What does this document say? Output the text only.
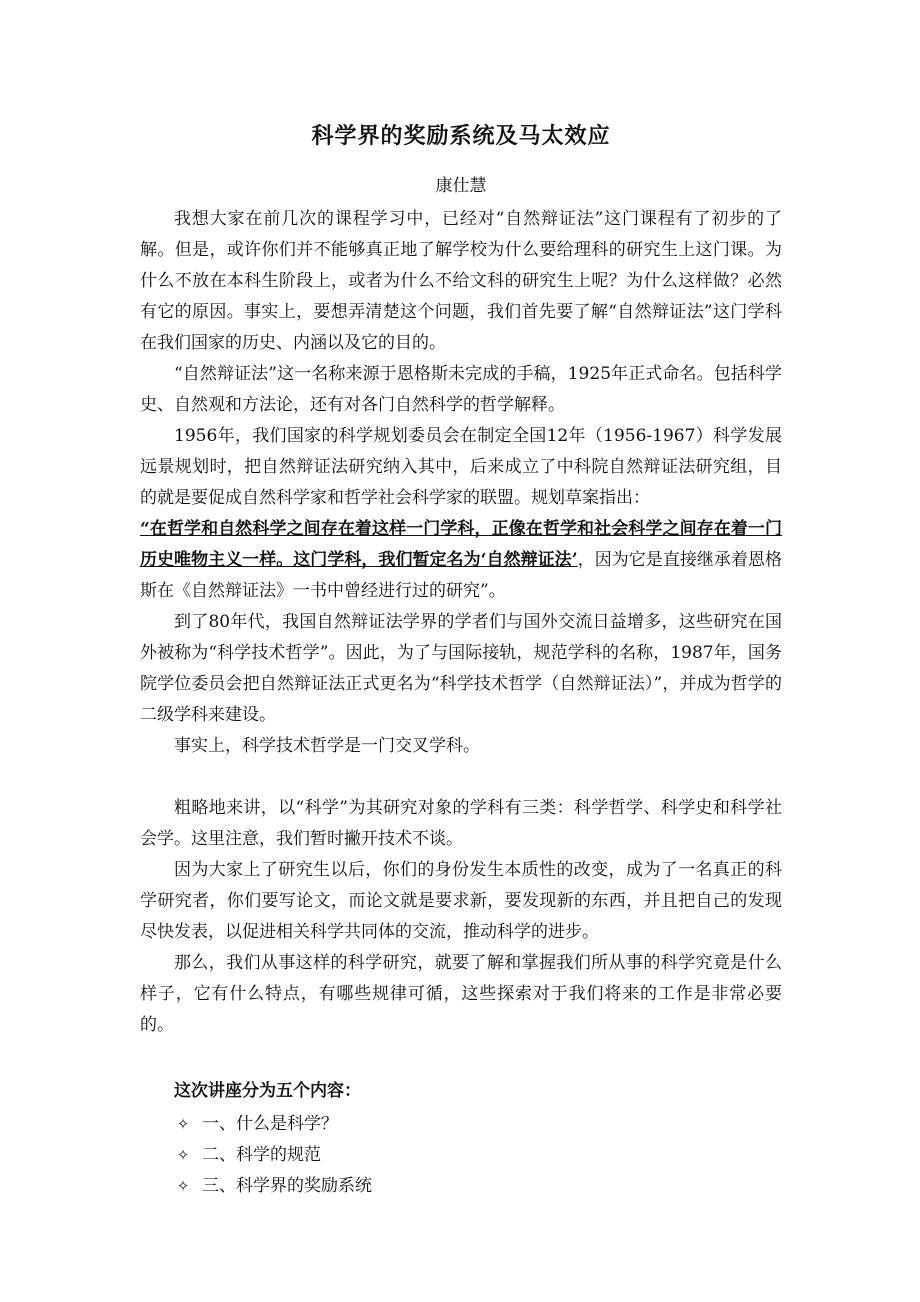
科学界的奖励系统及马太效应
康仕慧

我想大家在前几次的课程学习中，已经对“自然辩证法”这门课程有了初步的了解。但是，或许你们并不能够真正地了解学校为什么要给理科的研究生上这门课。为什么不放在本科生阶段上，或者为什么不给文科的研究生上呢？为什么这样做？必然有它的原因。事实上，要想弄清楚这个问题，我们首先要了解“自然辩证法”这门学科在我们国家的历史、内涵以及它的目的。

“自然辩证法”这一名称来源于恩格斯未完成的手稿，1925年正式命名。包括科学史、自然观和方法论，还有对各门自然科学的哲学解释。

1956年，我们国家的科学规划委员会在制定全国12年（1956-1967）科学发展远景规划时，把自然辩证法研究纳入其中，后来成立了中科院自然辩证法研究组，目的就是要促成自然科学家和哲学社会科学家的联盟。规划草案指出：

“在哲学和自然科学之间存在着这样一门学科，正像在哲学和社会科学之间存在着一门历史唯物主义一样。这门学科，我们暂定名为‘自然辩证法’，因为它是直接继承着恩格斯在《自然辩证法》一书中曾经进行过的研究”。

到了80年代，我国自然辩证法学界的学者们与国外交流日益增多，这些研究在国外被称为“科学技术哲学”。因此，为了与国际接轨，规范学科的名称，1987年，国务院学位委员会把自然辩证法正式更名为“科学技术哲学（自然辩证法）”，并成为哲学的二级学科来建设。

事实上，科学技术哲学是一门交叉学科。

粗略地来讲，以“科学”为其研究对象的学科有三类：科学哲学、科学史和科学社会学。这里注意，我们暂时撇开技术不谈。

因为大家上了研究生以后，你们的身份发生本质性的改变，成为了一名真正的科学研究者，你们要写论文，而论文就是要求新，要发现新的东西，并且把自己的发现尽快发表，以促进相关科学共同体的交流，推动科学的进步。

那么，我们从事这样的科学研究，就要了解和掌握我们所从事的科学究竟是什么样子，它有什么特点，有哪些规律可循，这些探索对于我们将来的工作是非常必要的。

这次讲座分为五个内容：

✧ 一、什么是科学？
✧ 二、科学的规范
✧ 三、科学界的奖励系统
